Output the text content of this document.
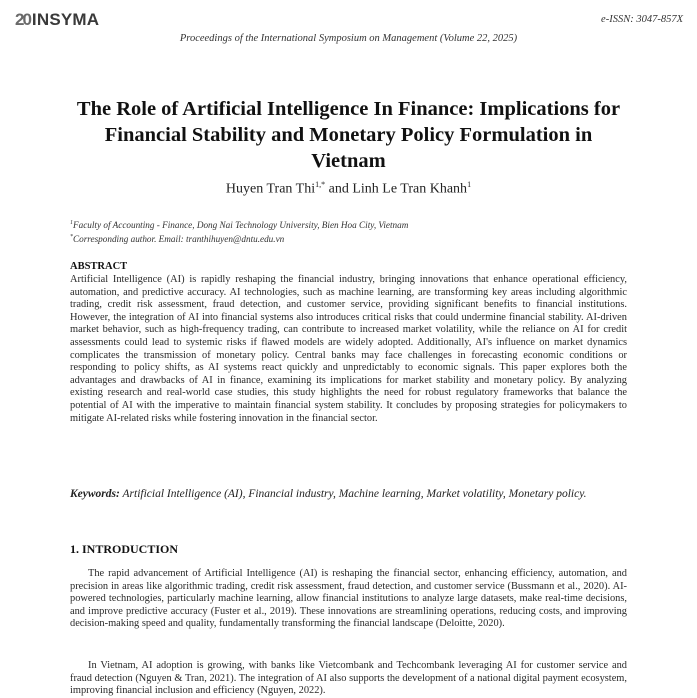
20 INSYMA	e-ISSN: 3047-857X
Proceedings of the International Symposium on Management (Volume 22, 2025)
The Role of Artificial Intelligence In Finance: Implications for Financial Stability and Monetary Policy Formulation in Vietnam
Huyen Tran Thi$^{1,*}$ and Linh Le Tran Khanh$^1$
$^1$Faculty of Accounting - Finance, Dong Nai Technology University, Bien Hoa City, Vietnam
*Corresponding author. Email: tranthihuyen@dntu.edu.vn
ABSTRACT
Artificial Intelligence (AI) is rapidly reshaping the financial industry, bringing innovations that enhance operational efficiency, automation, and predictive accuracy. AI technologies, such as machine learning, are transforming key areas including algorithmic trading, credit risk assessment, fraud detection, and customer service, providing significant benefits to financial institutions. However, the integration of AI into financial systems also introduces critical risks that could undermine financial stability. AI-driven market behavior, such as high-frequency trading, can contribute to increased market volatility, while the reliance on AI for credit assessments could lead to systemic risks if flawed models are widely adopted. Additionally, AI's influence on market dynamics complicates the transmission of monetary policy. Central banks may face challenges in forecasting economic conditions or responding to policy shifts, as AI systems react quickly and unpredictably to economic signals. This paper explores both the advantages and drawbacks of AI in finance, examining its implications for market stability and monetary policy. By analyzing existing research and real-world case studies, this study highlights the need for robust regulatory frameworks that balance the potential of AI with the imperative to maintain financial system stability. It concludes by proposing strategies for policymakers to mitigate AI-related risks while fostering innovation in the financial sector.
Keywords: Artificial Intelligence (AI), Financial industry, Machine learning, Market volatility, Monetary policy.
1. INTRODUCTION
The rapid advancement of Artificial Intelligence (AI) is reshaping the financial sector, enhancing efficiency, automation, and precision in areas like algorithmic trading, credit risk assessment, fraud detection, and customer service (Bussmann et al., 2020). AI-powered technologies, particularly machine learning, allow financial institutions to analyze large datasets, make real-time decisions, and improve predictive accuracy (Fuster et al., 2019). These innovations are streamlining operations, reducing costs, and improving decision-making speed and quality, fundamentally transforming the financial landscape (Deloitte, 2020).
In Vietnam, AI adoption is growing, with banks like Vietcombank and Techcombank leveraging AI for customer service and fraud detection (Nguyen & Tran, 2021). The integration of AI also supports the development of a national digital payment ecosystem, improving financial inclusion and efficiency (Nguyen, 2022).
